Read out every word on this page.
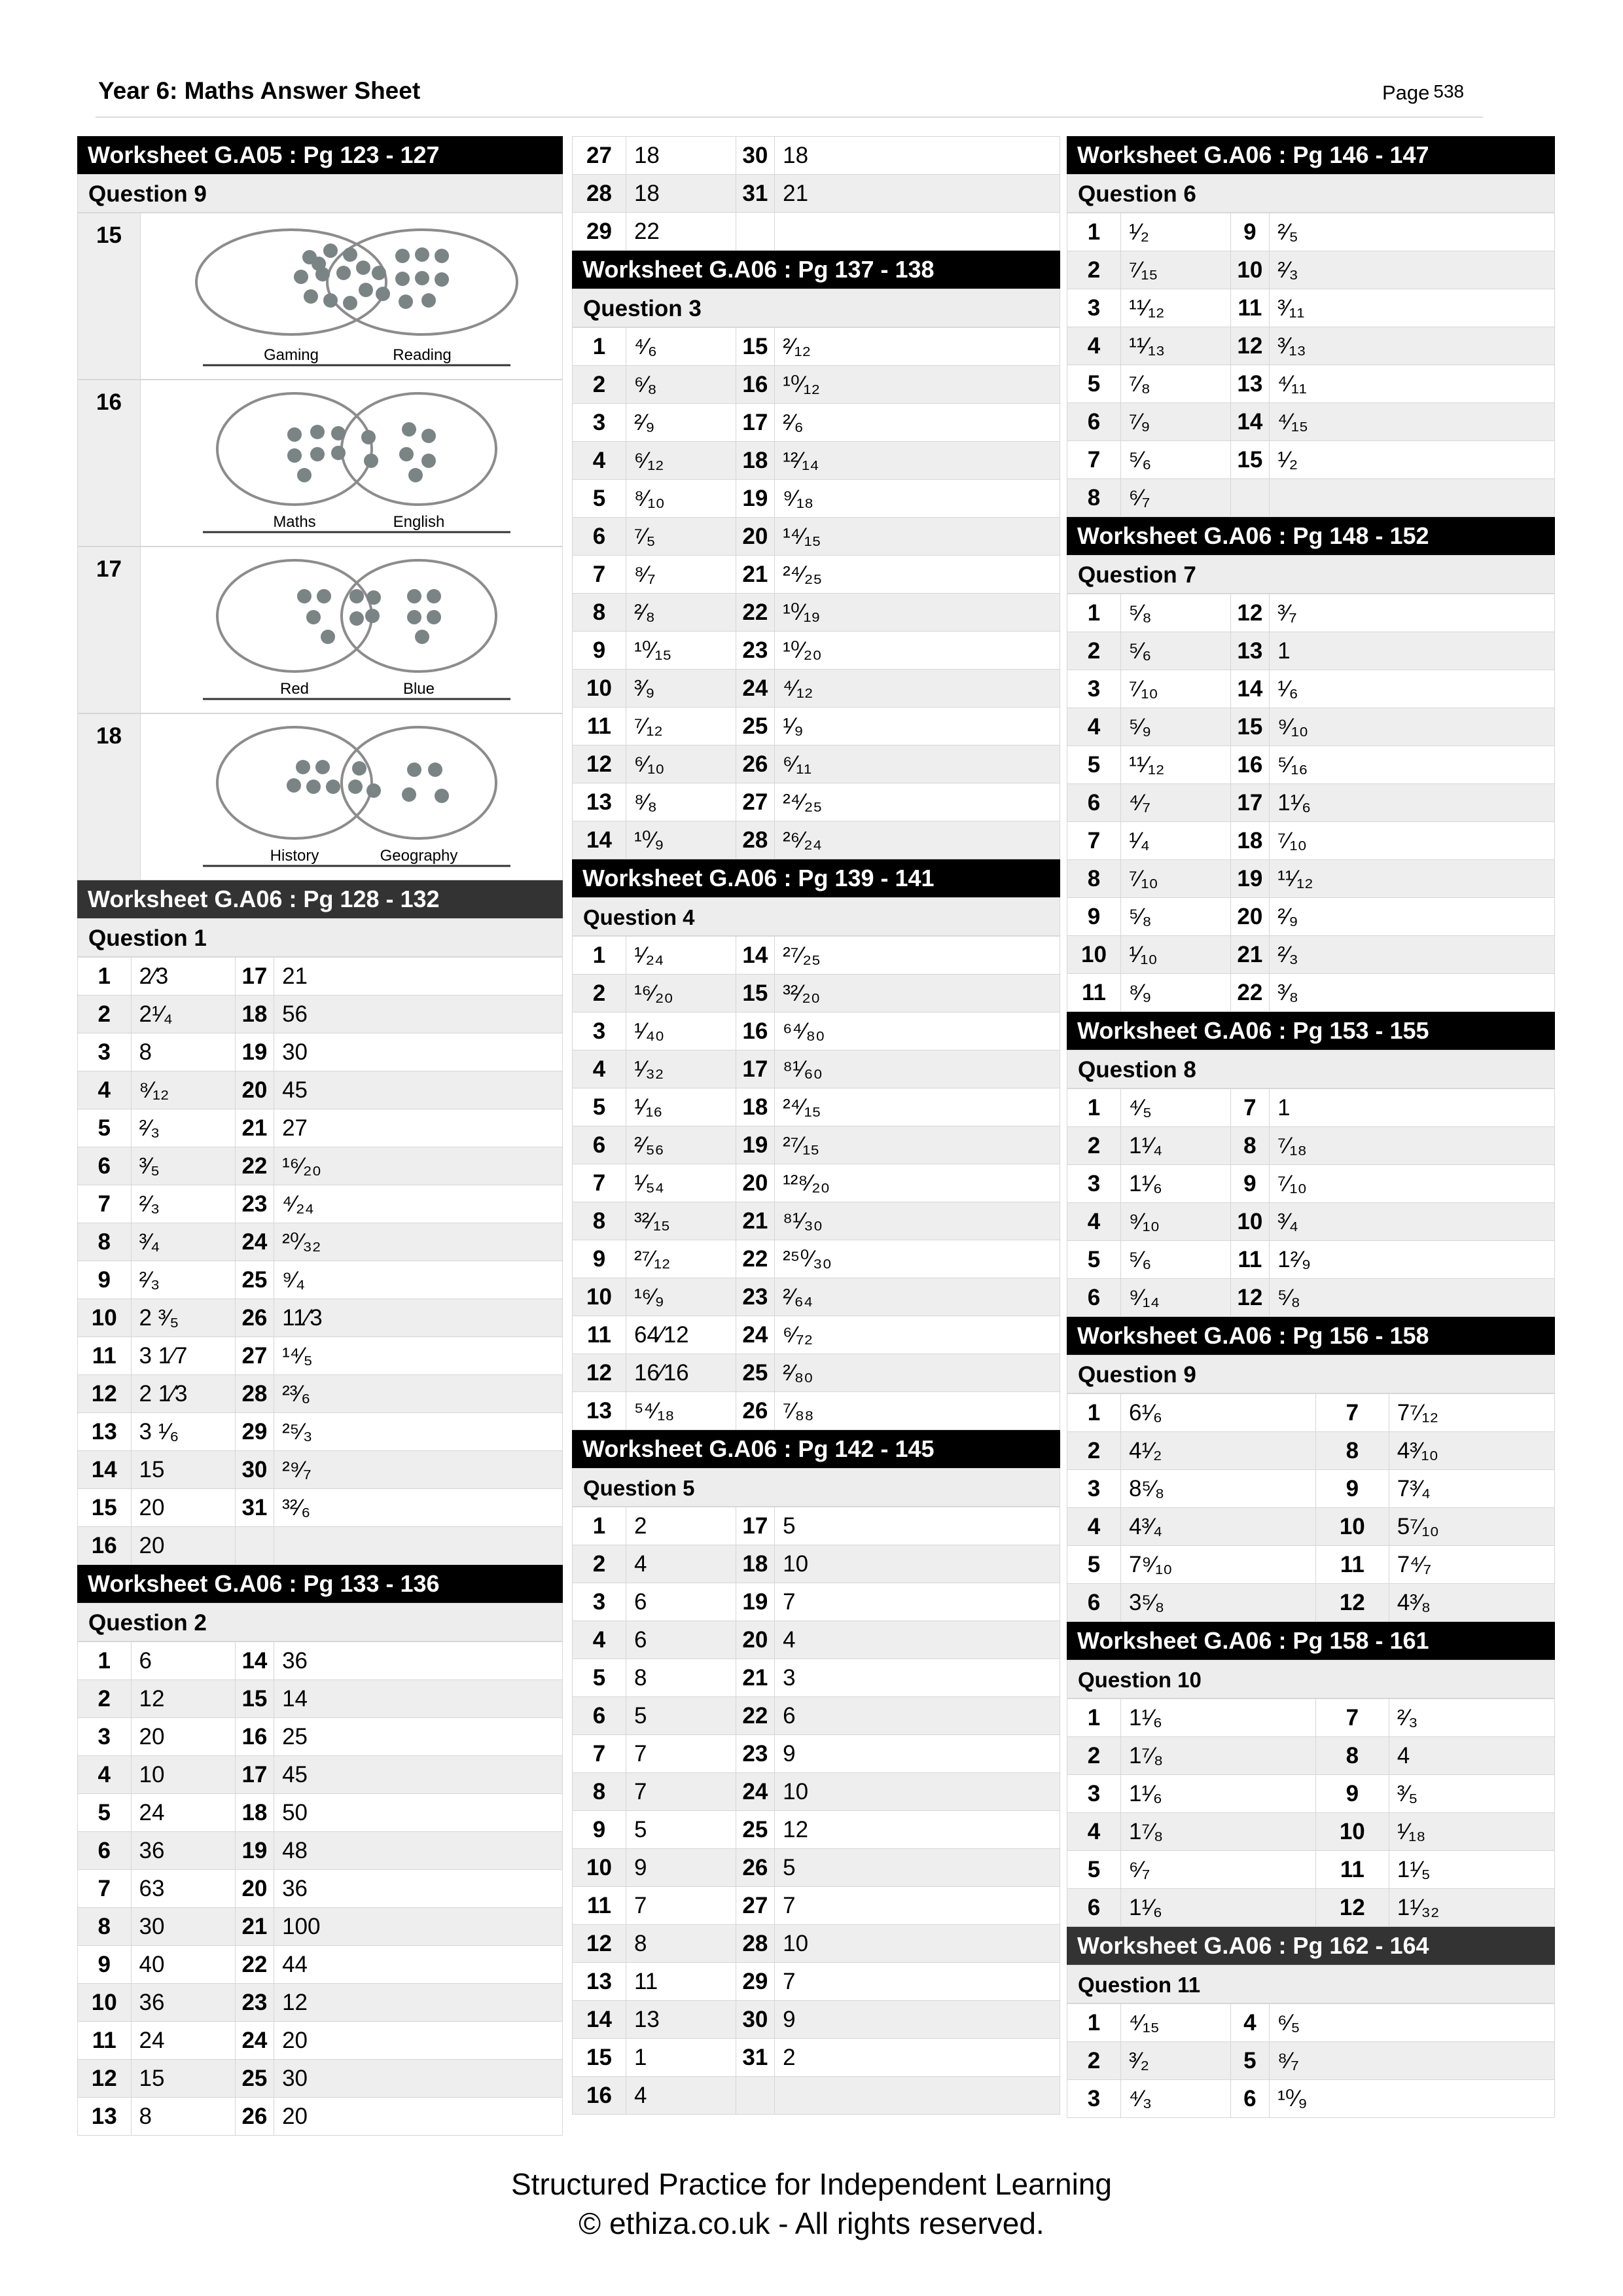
Year 6: Maths Answer Sheet	Page 538
Worksheet G.A05 : Pg 123 - 127
Question 9
15
Gaming	Reading
16
Maths	English
17
Red	Blue
18
History	Geography
Worksheet G.A06 : Pg 128 - 132
Question 1
1	2⁄3	17	21
2	2¹⁄₄	18	56
3	8	19	30
4	⁸⁄₁₂	20	45
5	²⁄₃	21	27
6	³⁄₅	22	¹⁶⁄₂₀
7	²⁄₃	23	⁴⁄₂₄
8	³⁄₄	24	²⁰⁄₃₂
9	²⁄₃	25	⁹⁄₄
10	2 ³⁄₅	26	11⁄3
11	3 1⁄7	27	¹⁴⁄₅
12	2 1⁄3	28	²³⁄₆
13	3 ¹⁄₆	29	²⁵⁄₃
14	15	30	²⁹⁄₇
15	20	31	³²⁄₆
16	20		
Worksheet G.A06 : Pg 133 - 136
Question 2
1	6	14	36
2	12	15	14
3	20	16	25
4	10	17	45
5	24	18	50
6	36	19	48
7	63	20	36
8	30	21	100
9	40	22	44
10	36	23	12
11	24	24	20
12	15	25	30
13	8	26	20
27	18	30	18
28	18	31	21
29	22		
Worksheet G.A06 : Pg 137 - 138
Question 3
1	⁴⁄₆	15	²⁄₁₂
2	⁶⁄₈	16	¹⁰⁄₁₂
3	²⁄₉	17	²⁄₆
4	⁶⁄₁₂	18	¹²⁄₁₄
5	⁸⁄₁₀	19	⁹⁄₁₈
6	⁷⁄₅	20	¹⁴⁄₁₅
7	⁸⁄₇	21	²⁴⁄₂₅
8	²⁄₈	22	¹⁰⁄₁₉
9	¹⁰⁄₁₅	23	¹⁰⁄₂₀
10	³⁄₉	24	⁴⁄₁₂
11	⁷⁄₁₂	25	¹⁄₉
12	⁶⁄₁₀	26	⁶⁄₁₁
13	⁸⁄₈	27	²⁴⁄₂₅
14	¹⁰⁄₉	28	²⁶⁄₂₄
Worksheet G.A06 : Pg 139 - 141
Question 4
1	¹⁄₂₄	14	²⁷⁄₂₅
2	¹⁶⁄₂₀	15	³²⁄₂₀
3	¹⁄₄₀	16	⁶⁴⁄₈₀
4	¹⁄₃₂	17	⁸¹⁄₆₀
5	¹⁄₁₆	18	²⁴⁄₁₅
6	²⁄₅₆	19	²⁷⁄₁₅
7	¹⁄₅₄	20	¹²⁸⁄₂₀
8	³²⁄₁₅	21	⁸¹⁄₃₀
9	²⁷⁄₁₂	22	²⁵⁰⁄₃₀
10	¹⁶⁄₉	23	²⁄₆₄
11	64⁄12	24	⁶⁄₇₂
12	16⁄16	25	²⁄₈₀
13	⁵⁴⁄₁₈	26	⁷⁄₈₈
Worksheet G.A06 : Pg 142 - 145
Question 5
1	2	17	5
2	4	18	10
3	6	19	7
4	6	20	4
5	8	21	3
6	5	22	6
7	7	23	9
8	7	24	10
9	5	25	12
10	9	26	5
11	7	27	7
12	8	28	10
13	11	29	7
14	13	30	9
15	1	31	2
16	4		
Worksheet G.A06 : Pg 146 - 147
Question 6
1	¹⁄₂	9	²⁄₅
2	⁷⁄₁₅	10	²⁄₃
3	¹¹⁄₁₂	11	³⁄₁₁
4	¹¹⁄₁₃	12	³⁄₁₃
5	⁷⁄₈	13	⁴⁄₁₁
6	⁷⁄₉	14	⁴⁄₁₅
7	⁵⁄₆	15	¹⁄₂
8	⁶⁄₇		
Worksheet G.A06 : Pg 148 - 152
Question 7
1	⁵⁄₈	12	³⁄₇
2	⁵⁄₆	13	1
3	⁷⁄₁₀	14	¹⁄₆
4	⁵⁄₉	15	⁹⁄₁₀
5	¹¹⁄₁₂	16	⁵⁄₁₆
6	⁴⁄₇	17	1¹⁄₆
7	¹⁄₄	18	⁷⁄₁₀
8	⁷⁄₁₀	19	¹¹⁄₁₂
9	⁵⁄₈	20	²⁄₉
10	¹⁄₁₀	21	²⁄₃
11	⁸⁄₉	22	³⁄₈
Worksheet G.A06 : Pg 153 - 155
Question 8
1	⁴⁄₅	7	1
2	1¹⁄₄	8	⁷⁄₁₈
3	1¹⁄₆	9	⁷⁄₁₀
4	⁹⁄₁₀	10	³⁄₄
5	⁵⁄₆	11	1²⁄₉
6	⁹⁄₁₄	12	⁵⁄₈
Worksheet G.A06 : Pg 156 - 158
Question 9
1	6¹⁄₆	7	7⁷⁄₁₂
2	4¹⁄₂	8	4³⁄₁₀
3	8⁵⁄₈	9	7³⁄₄
4	4³⁄₄	10	5⁷⁄₁₀
5	7⁹⁄₁₀	11	7⁴⁄₇
6	3⁵⁄₈	12	4³⁄₈
Worksheet G.A06 : Pg 158 - 161
Question 10
1	1¹⁄₆	7	²⁄₃
2	1⁷⁄₈	8	4
3	1¹⁄₆	9	³⁄₅
4	1⁷⁄₈	10	¹⁄₁₈
5	⁶⁄₇	11	1¹⁄₅
6	1¹⁄₆	12	1¹⁄₃₂
Worksheet G.A06 : Pg 162 - 164
Question 11
1	⁴⁄₁₅	4	⁶⁄₅
2	³⁄₂	5	⁸⁄₇
3	⁴⁄₃	6	¹⁰⁄₉
Structured Practice for Independent Learning
© ethiza.co.uk - All rights reserved.
